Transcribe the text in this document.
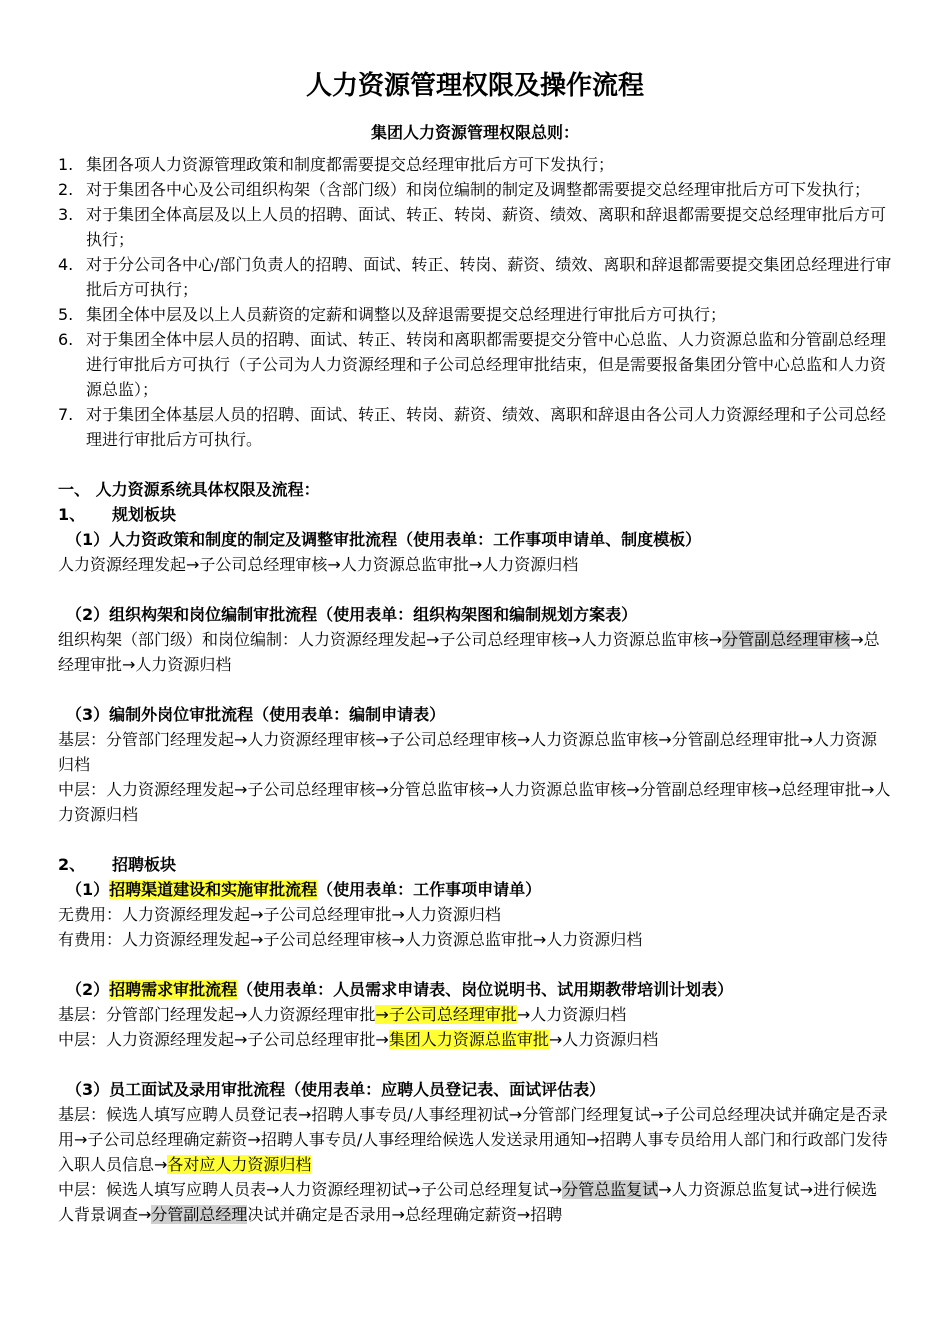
人力资源管理权限及操作流程
集团人力资源管理权限总则：
1. 集团各项人力资源管理政策和制度都需要提交总经理审批后方可下发执行；
2. 对于集团各中心及公司组织构架（含部门级）和岗位编制的制定及调整都需要提交总经理审批后方可下发执行；
3. 对于集团全体高层及以上人员的招聘、面试、转正、转岗、薪资、绩效、离职和辞退都需要提交总经理审批后方可执行；
4. 对于分公司各中心/部门负责人的招聘、面试、转正、转岗、薪资、绩效、离职和辞退都需要提交集团总经理进行审批后方可执行；
5. 集团全体中层及以上人员薪资的定薪和调整以及辞退需要提交总经理进行审批后方可执行；
6. 对于集团全体中层人员的招聘、面试、转正、转岗和离职都需要提交分管中心总监、人力资源总监和分管副总经理进行审批后方可执行（子公司为人力资源经理和子公司总经理审批结束，但是需要报备集团分管中心总监和人力资源总监）；
7. 对于集团全体基层人员的招聘、面试、转正、转岗、薪资、绩效、离职和辞退由各公司人力资源经理和子公司总经理进行审批后方可执行。
一、 人力资源系统具体权限及流程：
1、 规划板块
（1）人力资政策和制度的制定及调整审批流程（使用表单：工作事项申请单、制度模板）
人力资源经理发起→子公司总经理审核→人力资源总监审批→人力资源归档
（2）组织构架和岗位编制审批流程（使用表单：组织构架图和编制规划方案表）
组织构架（部门级）和岗位编制：人力资源经理发起→子公司总经理审核→人力资源总监审核→分管副总经理审核→总经理审批→人力资源归档
（3）编制外岗位审批流程（使用表单：编制申请表）
基层：分管部门经理发起→人力资源经理审核→子公司总经理审核→人力资源总监审核→分管副总经理审批→人力资源归档
中层：人力资源经理发起→子公司总经理审核→分管总监审核→人力资源总监审核→分管副总经理审核→总经理审批→人力资源归档
2、 招聘板块
（1）招聘渠道建设和实施审批流程（使用表单：工作事项申请单）
无费用：人力资源经理发起→子公司总经理审批→人力资源归档
有费用：人力资源经理发起→子公司总经理审核→人力资源总监审批→人力资源归档
（2）招聘需求审批流程（使用表单：人员需求申请表、岗位说明书、试用期教带培训计划表）
基层：分管部门经理发起→人力资源经理审批→子公司总经理审批→人力资源归档
中层：人力资源经理发起→子公司总经理审批→集团人力资源总监审批→人力资源归档
（3）员工面试及录用审批流程（使用表单：应聘人员登记表、面试评估表）
基层：候选人填写应聘人员登记表→招聘人事专员/人事经理初试→分管部门经理复试→子公司总经理决试并确定是否录用→子公司总经理确定薪资→招聘人事专员/人事经理给候选人发送录用通知→招聘人事专员给用人部门和行政部门发待入职人员信息→各对应人力资源归档
中层：候选人填写应聘人员表→人力资源经理初试→子公司总经理复试→分管总监复试→人力资源总监复试→进行候选人背景调查→分管副总经理决试并确定是否录用→总经理确定薪资→招聘
